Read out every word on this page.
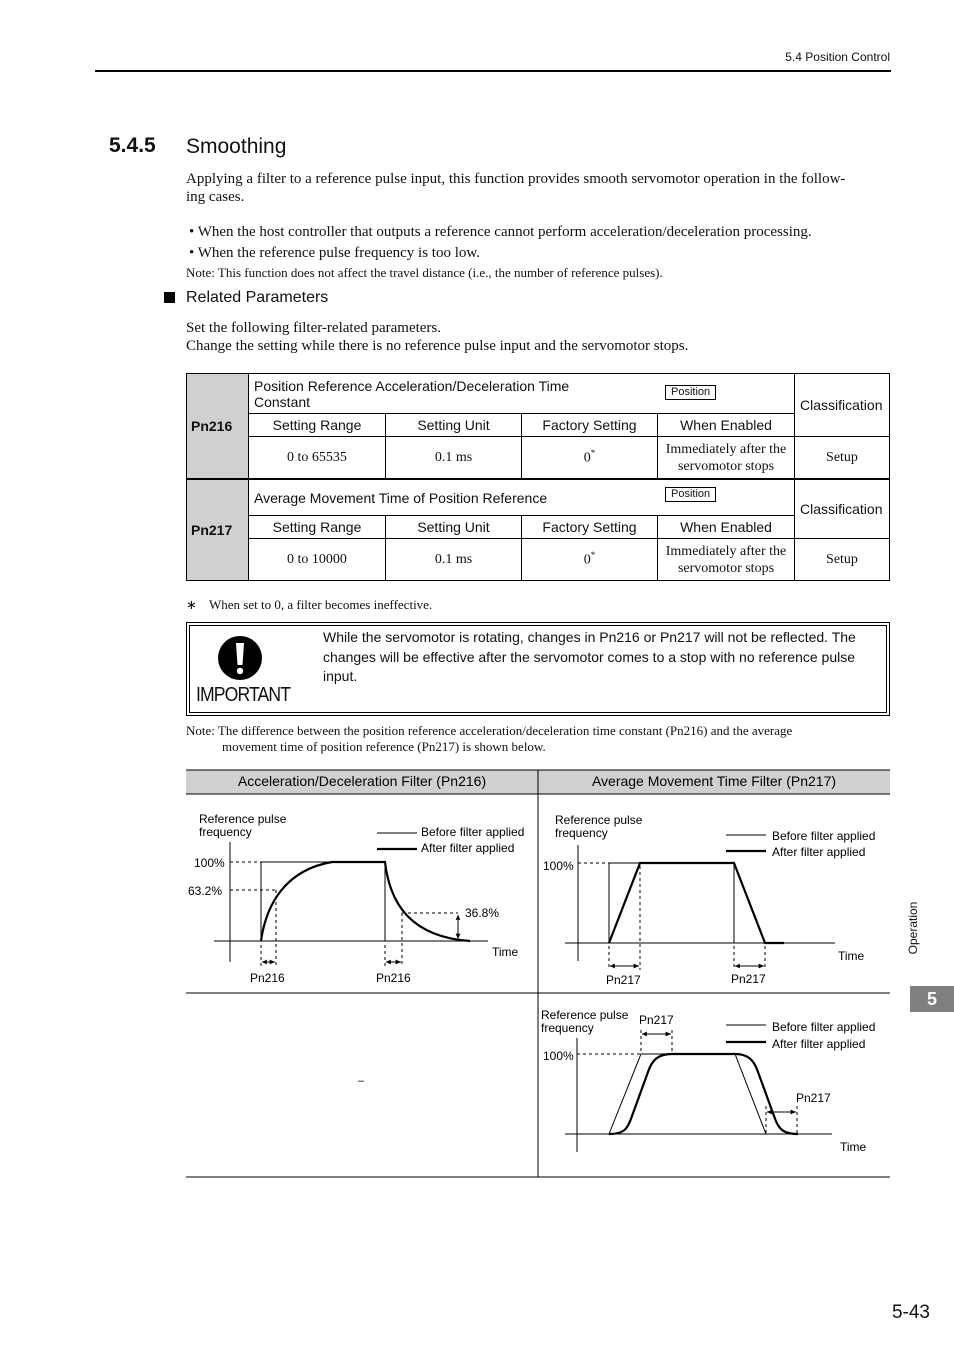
5.4 Position Control
5.4.5 Smoothing
Applying a filter to a reference pulse input, this function provides smooth servomotor operation in the follow-
ing cases.
• When the host controller that outputs a reference cannot perform acceleration/deceleration processing.
• When the reference pulse frequency is too low.
Note: This function does not affect the travel distance (i.e., the number of reference pulses).
Related Parameters
Set the following filter-related parameters.
Change the setting while there is no reference pulse input and the servomotor stops.
Pn216	Position Reference Acceleration/Deceleration Time
Constant
Position				Classification
	Setting Range	Setting Unit	Factory Setting	When Enabled	
	0 to 65535	0.1 ms	0*	Immediately after the
servomotor stops	Setup
Pn217	Average Movement Time of Position Reference Position				Classification
	Setting Range	Setting Unit	Factory Setting	When Enabled	
	0 to 10000	0.1 ms	0*	Immediately after the
servomotor stops	Setup
∗ When set to 0, a filter becomes ineffective.
IMPORTANT
While the servomotor is rotating, changes in Pn216 or Pn217 will not be reflected. The
changes will be effective after the servomotor comes to a stop with no reference pulse
input.
Note: The difference between the position reference acceleration/deceleration time constant (Pn216) and the average
movement time of position reference (Pn217) is shown below.
Acceleration/Deceleration Filter (Pn216)	Average Movement Time Filter (Pn217)
Reference pulse
frequency
Time
100%
63.2%
36.8%
Before filter applied
After filter applied
Pn216	Pn216
Reference pulse
frequency
Time
100%
Pn217	Pn217
Before filter applied
After filter applied
Reference pulse
frequency
Time
100%
Pn217
Pn217
Before filter applied
After filter applied
–
Operation
5
5-43
